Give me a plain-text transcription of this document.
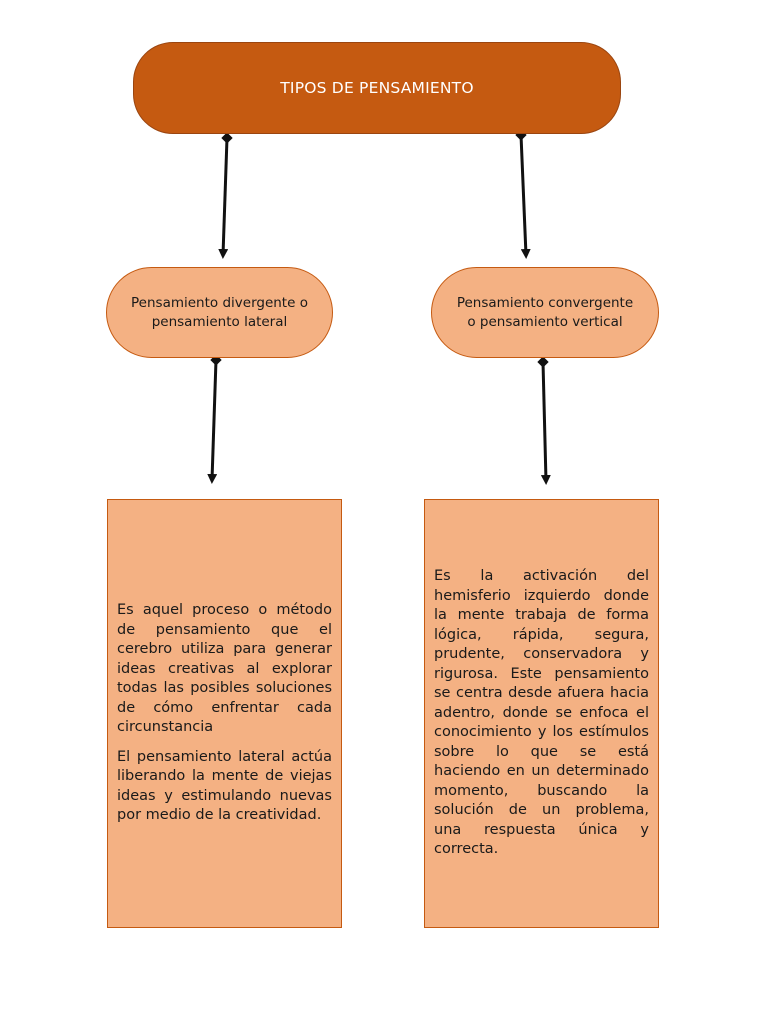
TIPOS DE PENSAMIENTO
Pensamiento divergente o
pensamiento lateral
Pensamiento convergente
o pensamiento vertical

Es aquel proceso o método de pensamiento que el cerebro utiliza para generar ideas creativas al explorar todas las posibles soluciones de cómo enfrentar cada circunstancia

El pensamiento lateral actúa liberando la mente de viejas ideas y estimulando nuevas por medio de la creatividad.

Es la activación del hemisferio izquierdo donde la mente trabaja de forma lógica, rápida, segura, prudente, conservadora y rigurosa. Este pensamiento se centra desde afuera hacia adentro, donde se enfoca el conocimiento y los estímulos sobre lo que se está haciendo en un determinado momento, buscando la solución de un problema, una respuesta única y correcta.
